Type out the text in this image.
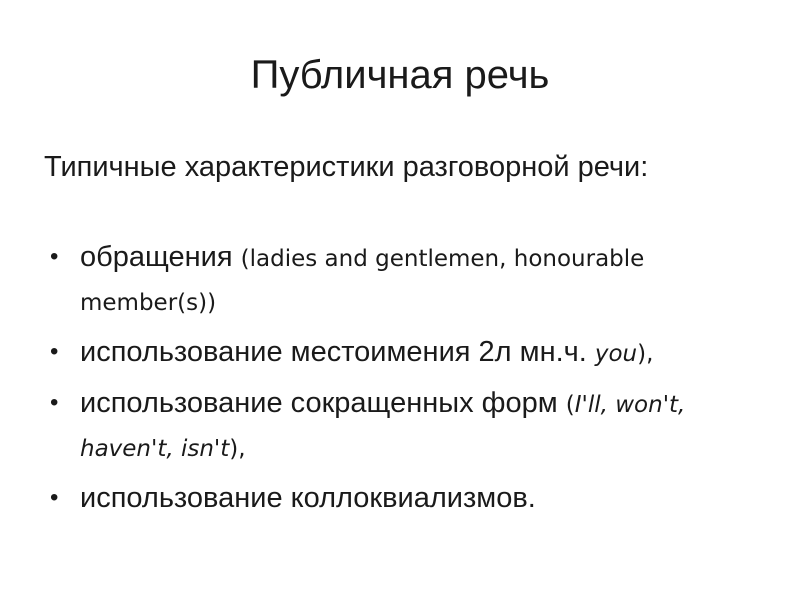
Публичная речь
Типичные характеристики разговорной речи:
• обращения (ladies and gentlemen, honourable member(s))
• использование местоимения 2л мн.ч. you),
• использование сокращенных форм (I'll, won't, haven't, isn't),
• использование коллоквиализмов.
